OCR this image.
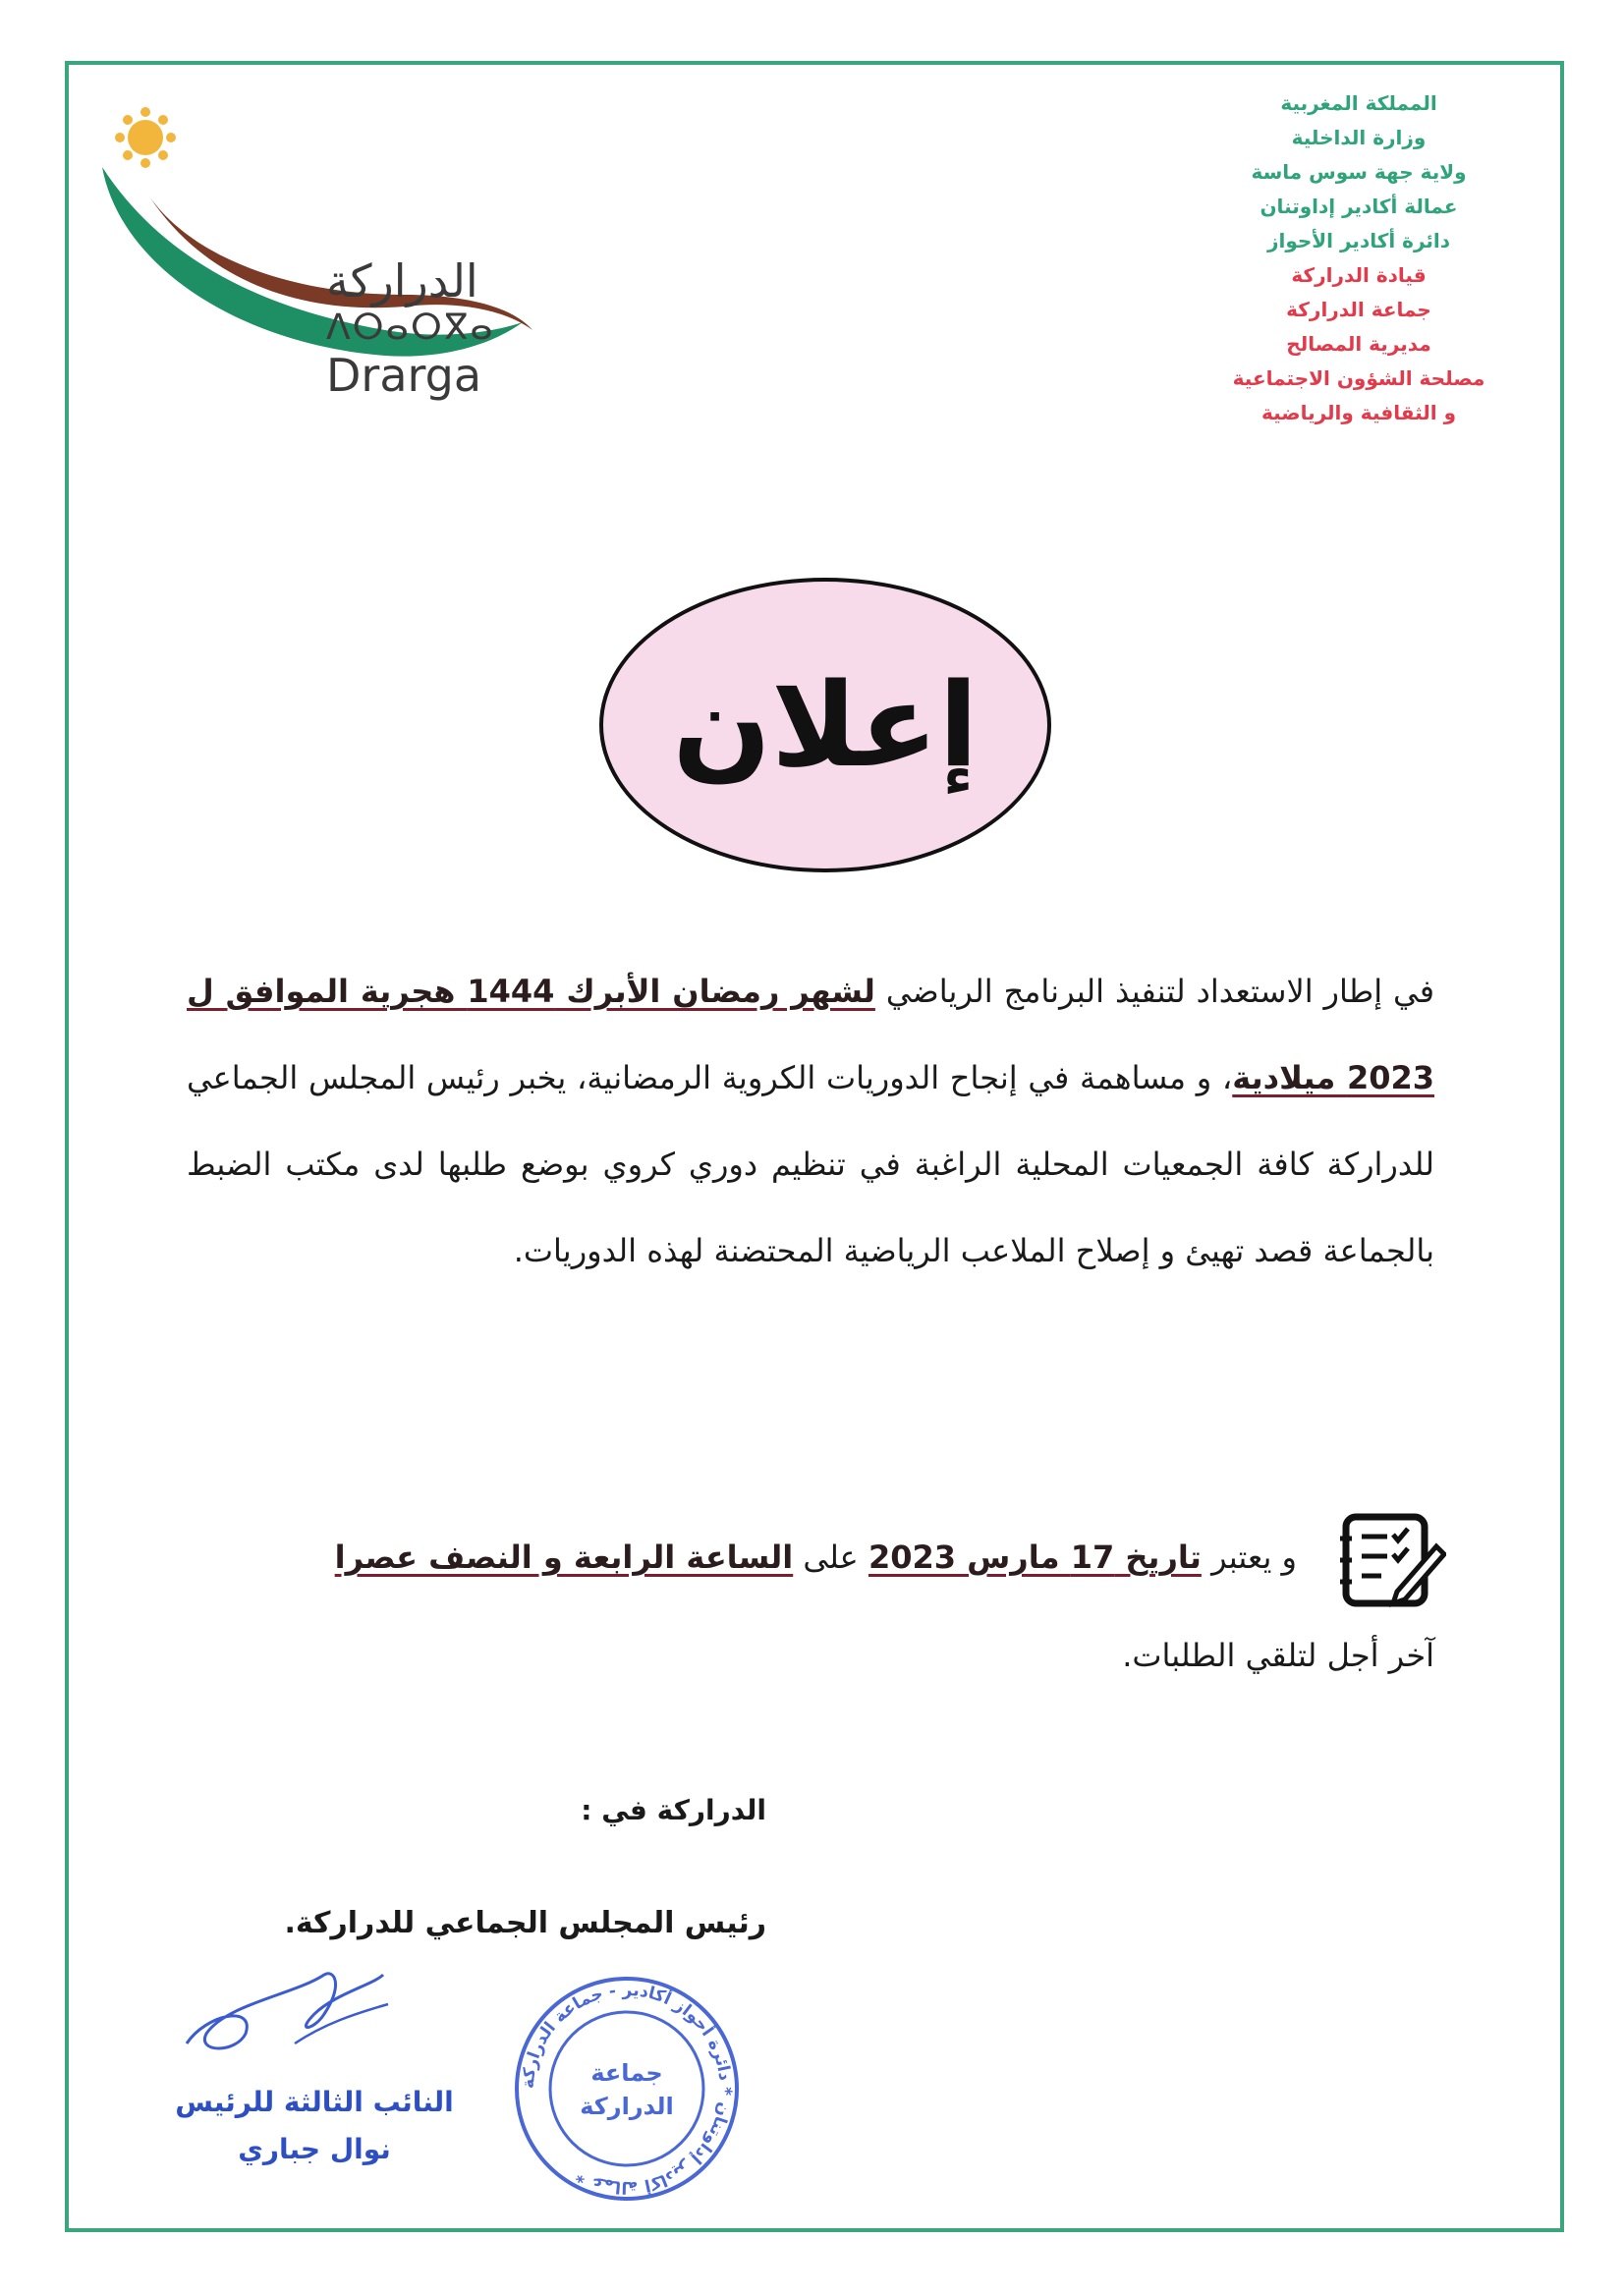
الدراركة
ⴷⵔⴰⵔⴳⴰ
Drarga
المملكة المغربية
وزارة الداخلية
ولاية جهة سوس ماسة
عمالة أكادير إداوتنان
دائرة أكادير الأحواز
قيادة الدراركة
جماعة الدراركة
مديرية المصالح
مصلحة الشؤون الاجتماعية
و الثقافية والرياضية
إعلان
في إطار الاستعداد لتنفيذ البرنامج الرياضي لشهر رمضان الأبرك 1444 هجرية الموافق ل 2023 ميلادية، و مساهمة في إنجاح الدوريات الكروية الرمضانية، يخبر رئيس المجلس الجماعي للدراركة كافة الجمعيات المحلية الراغبة في تنظيم دوري كروي بوضع طلبها لدى مكتب الضبط بالجماعة قصد تهيئ و إصلاح الملاعب الرياضية المحتضنة لهذه الدوريات.
و يعتبر تاريخ 17 مارس 2023 على الساعة الرابعة و النصف عصرا
آخر أجل لتلقي الطلبات.
الدراركة في :
رئيس المجلس الجماعي للدراركة.
النائب الثالثة للرئيس
نوال جباري
عمالة أكادير إداوتنان * دائرة أحواز أكادير - جماعة الدراركة *
جماعة
الدراركة
